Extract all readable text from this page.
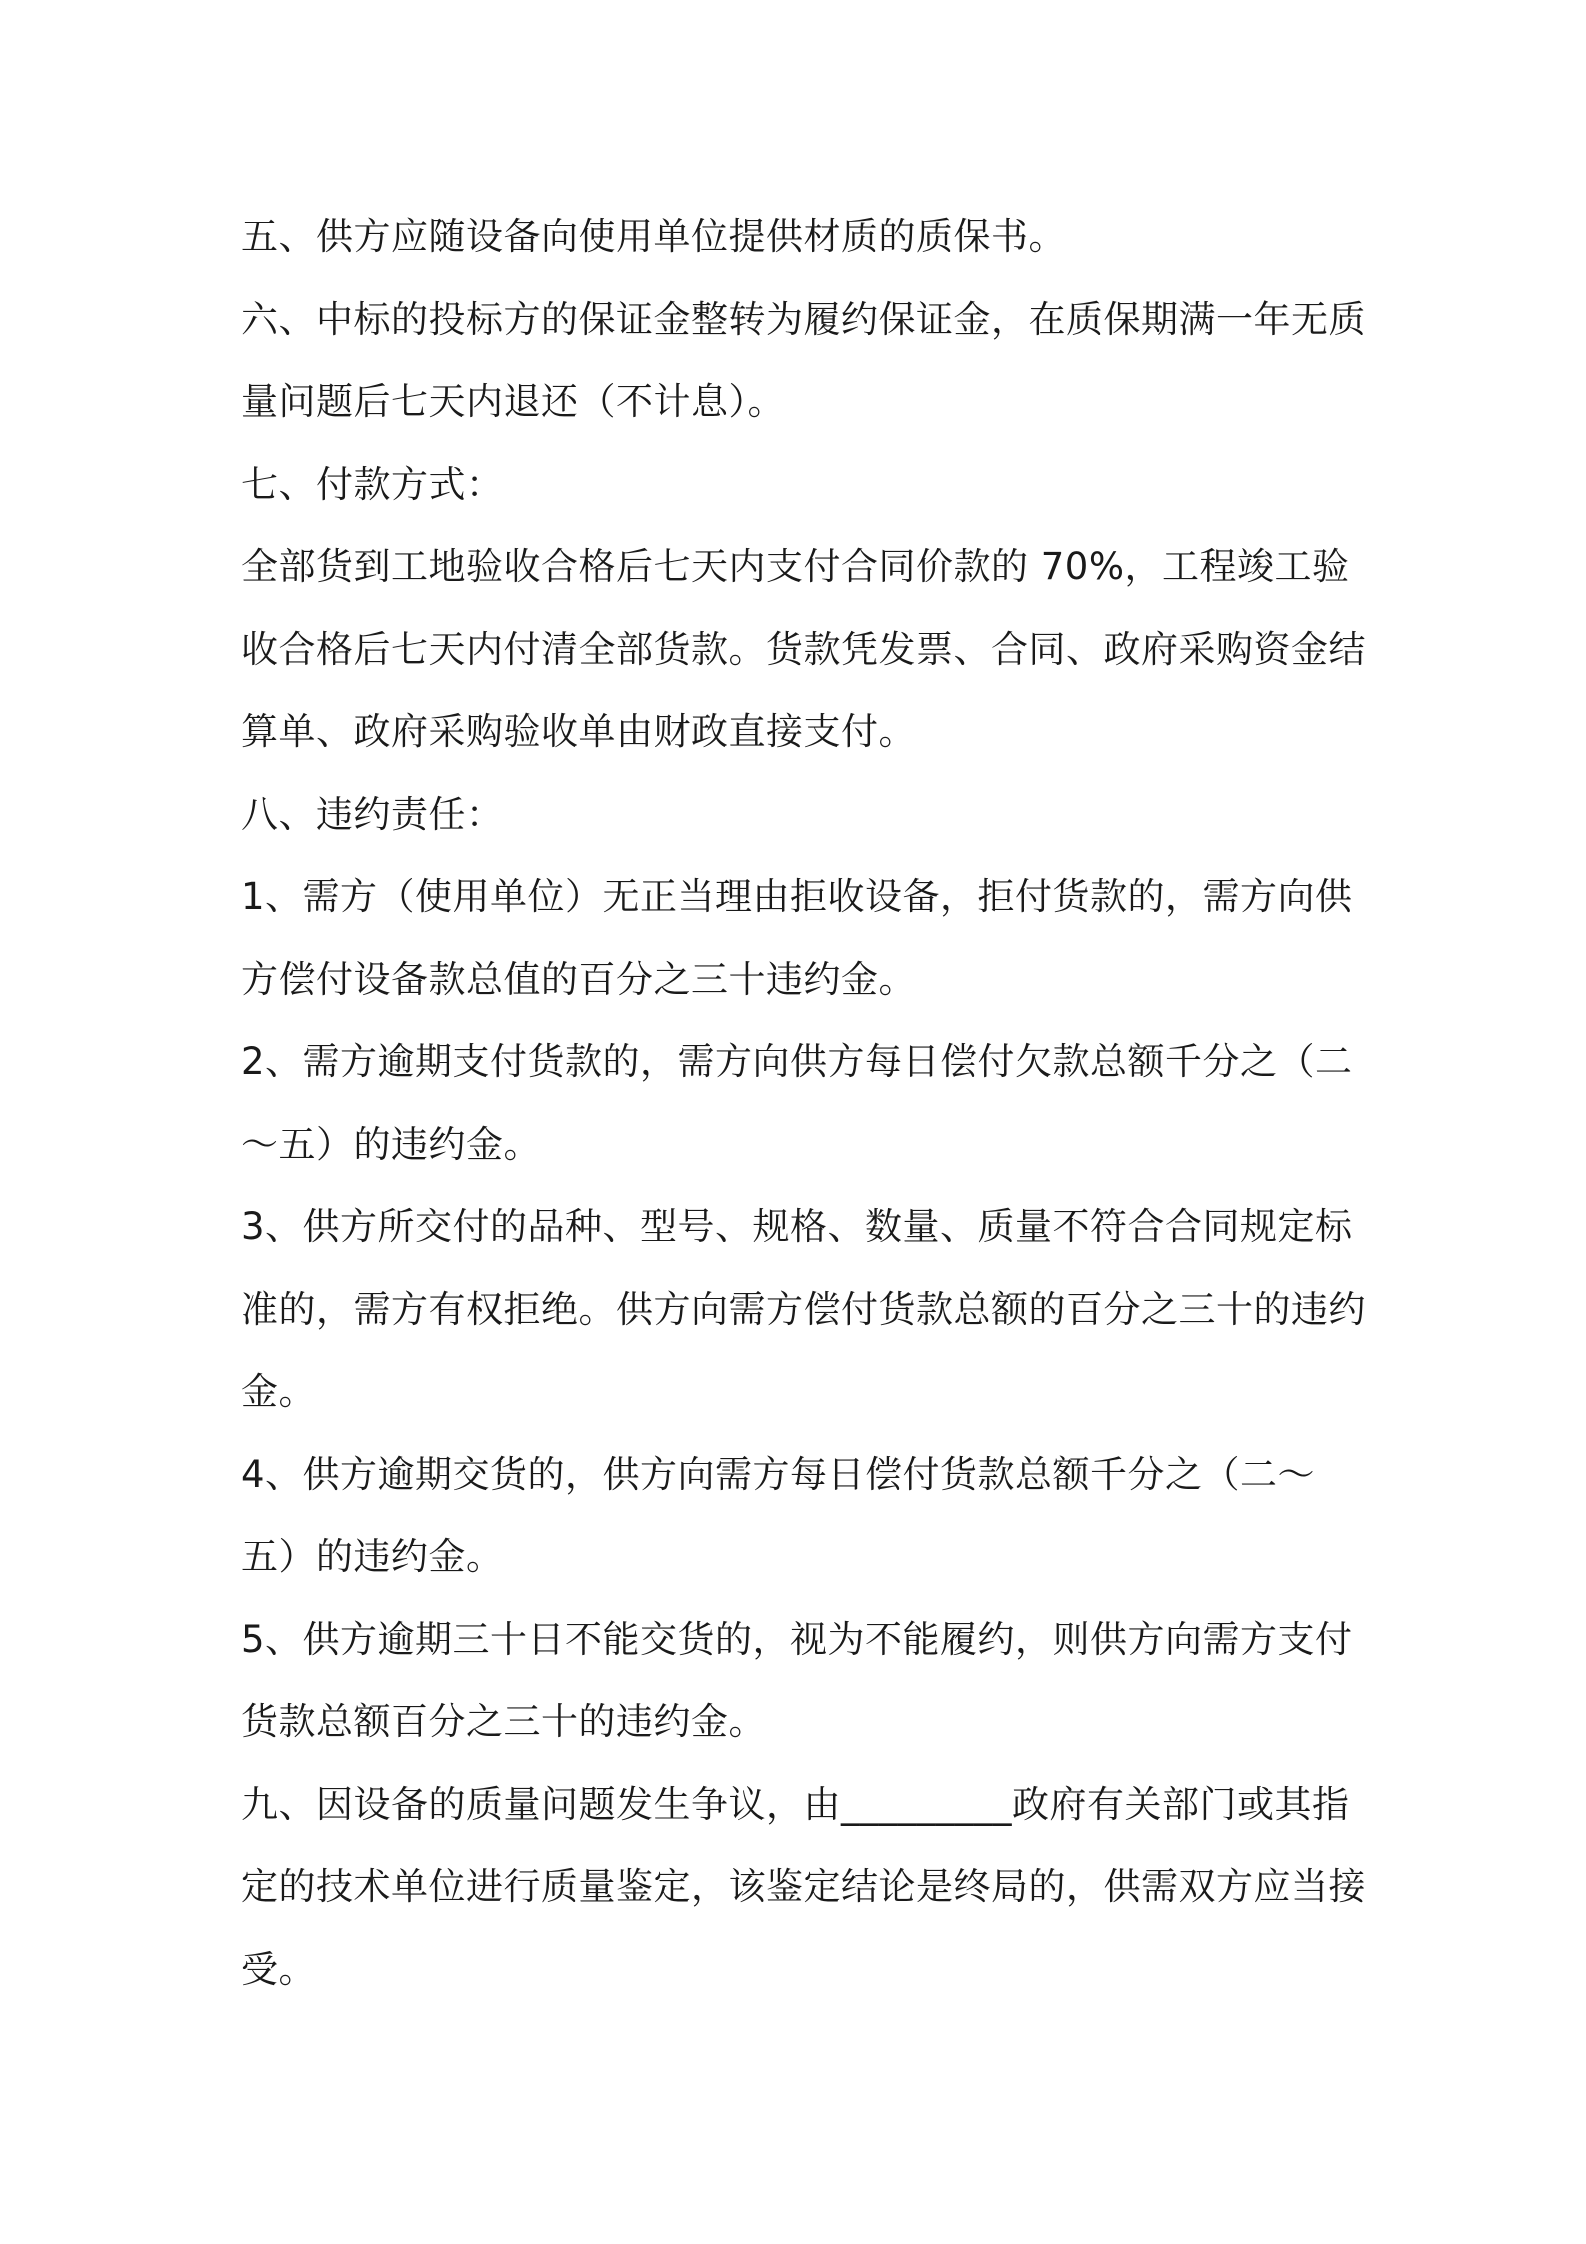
五、供方应随设备向使用单位提供材质的质保书。

六、中标的投标方的保证金整转为履约保证金，在质保期满一年无质量问题后七天内退还（不计息）。

七、付款方式：

全部货到工地验收合格后七天内支付合同价款的 70%，工程竣工验收合格后七天内付清全部货款。货款凭发票、合同、政府采购资金结算单、政府采购验收单由财政直接支付。

八、违约责任：

1、需方（使用单位）无正当理由拒收设备，拒付货款的，需方向供方偿付设备款总值的百分之三十违约金。

2、需方逾期支付货款的，需方向供方每日偿付欠款总额千分之（二～五）的违约金。

3、供方所交付的品种、型号、规格、数量、质量不符合合同规定标准的，需方有权拒绝。供方向需方偿付货款总额的百分之三十的违约金。

4、供方逾期交货的，供方向需方每日偿付货款总额千分之（二～五）的违约金。

5、供方逾期三十日不能交货的，视为不能履约，则供方向需方支付货款总额百分之三十的违约金。

九、因设备的质量问题发生争议，由_________政府有关部门或其指定的技术单位进行质量鉴定，该鉴定结论是终局的，供需双方应当接受。
